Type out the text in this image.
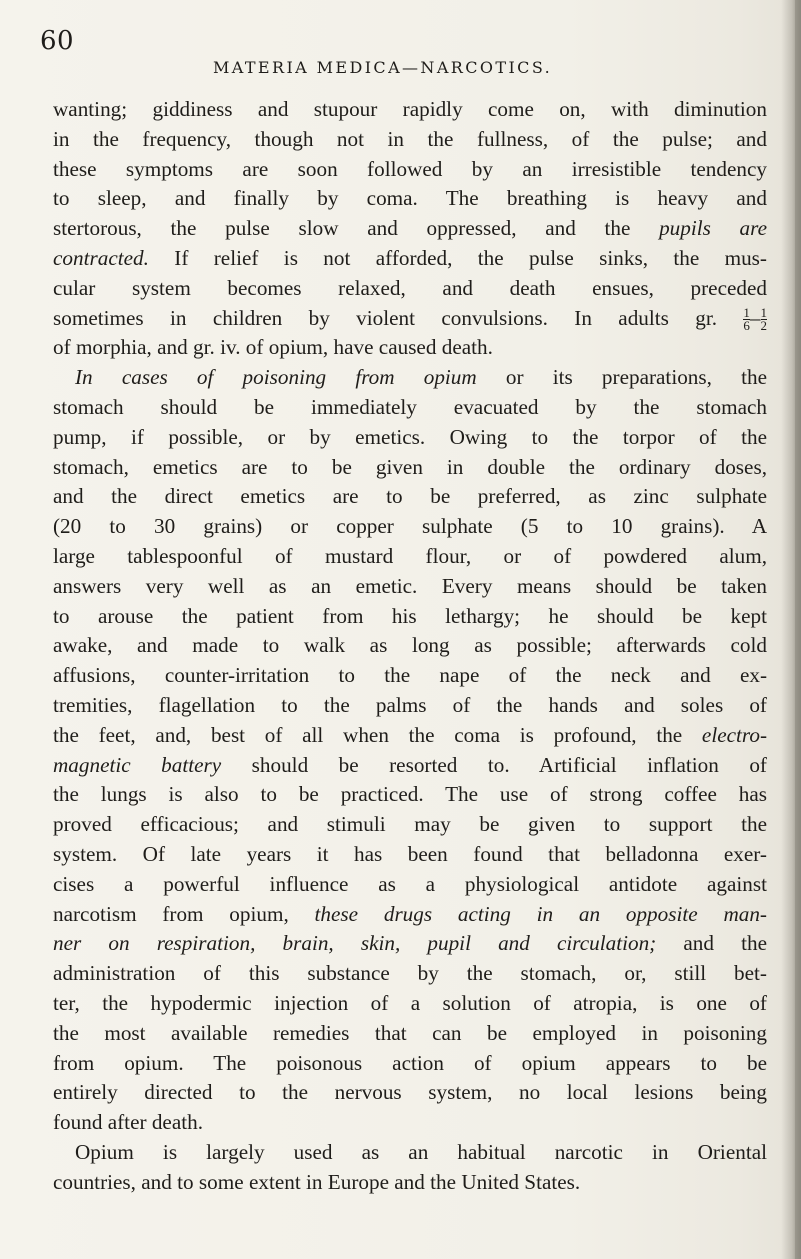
60
MATERIA MEDICA—NARCOTICS.
wanting; giddiness and stupour rapidly come on, with diminution
in the frequency, though not in the fullness, of the pulse; and
these symptoms are soon followed by an irresistible tendency
to sleep, and finally by coma. The breathing is heavy and
stertorous, the pulse slow and oppressed, and the pupils are
contracted. If relief is not afforded, the pulse sinks, the mus-
cular system becomes relaxed, and death ensues, preceded
sometimes in children by violent convulsions. In adults gr. $\frac{1}{6} - \frac{1}{2}$
of morphia, and gr. iv. of opium, have caused death.
In cases of poisoning from opium or its preparations, the
stomach should be immediately evacuated by the stomach
pump, if possible, or by emetics. Owing to the torpor of the
stomach, emetics are to be given in double the ordinary doses,
and the direct emetics are to be preferred, as zinc sulphate
(20 to 30 grains) or copper sulphate (5 to 10 grains). A
large tablespoonful of mustard flour, or of powdered alum,
answers very well as an emetic. Every means should be taken
to arouse the patient from his lethargy; he should be kept
awake, and made to walk as long as possible; afterwards cold
affusions, counter-irritation to the nape of the neck and ex-
tremities, flagellation to the palms of the hands and soles of
the feet, and, best of all when the coma is profound, the electro-
magnetic battery should be resorted to. Artificial inflation of
the lungs is also to be practiced. The use of strong coffee has
proved efficacious; and stimuli may be given to support the
system. Of late years it has been found that belladonna exer-
cises a powerful influence as a physiological antidote against
narcotism from opium, these drugs acting in an opposite man-
ner on respiration, brain, skin, pupil and circulation; and the
administration of this substance by the stomach, or, still bet-
ter, the hypodermic injection of a solution of atropia, is one of
the most available remedies that can be employed in poisoning
from opium. The poisonous action of opium appears to be
entirely directed to the nervous system, no local lesions being
found after death.
Opium is largely used as an habitual narcotic in Oriental
countries, and to some extent in Europe and the United States.
